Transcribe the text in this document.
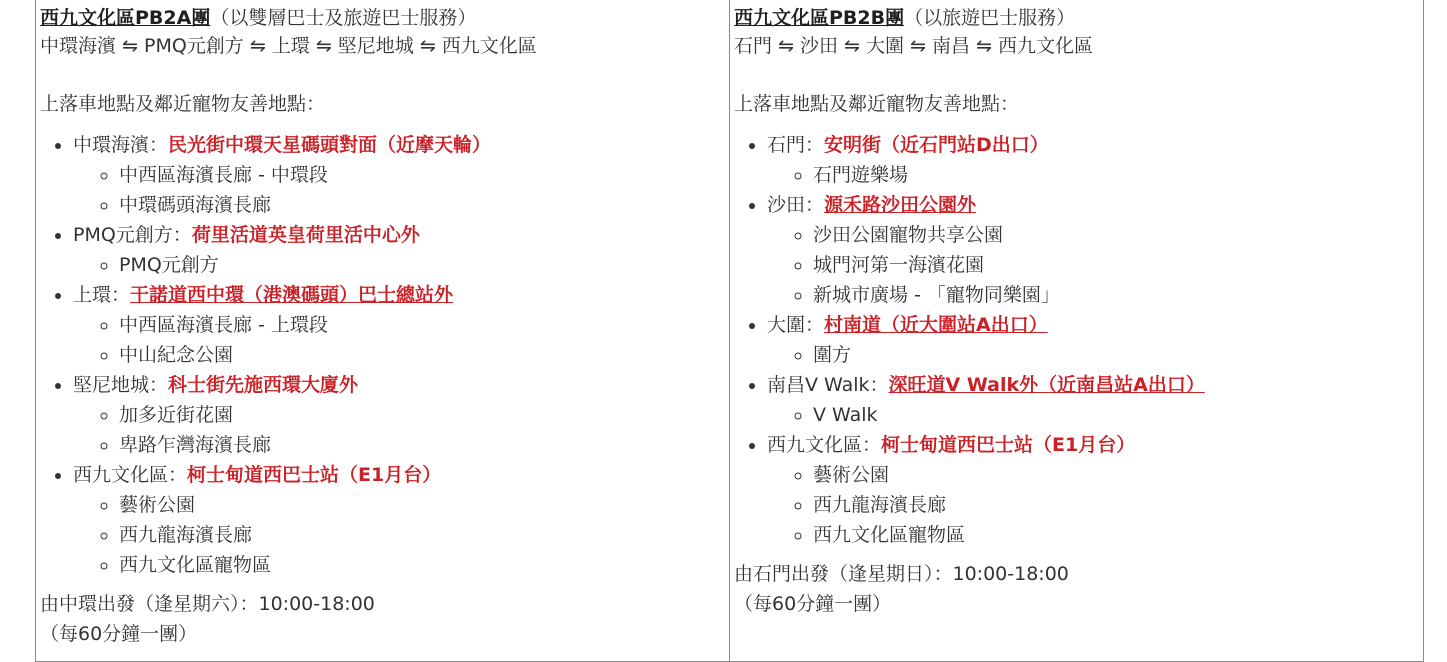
西九文化區PB2A團（以雙層巴士及旅遊巴士服務）
中環海濱 ⇋ PMQ元創方 ⇋ 上環 ⇋ 堅尼地城 ⇋ 西九文化區

上落車地點及鄰近寵物友善地點：

• 中環海濱：民光街中環天星碼頭對面（近摩天輪）
◦ 中西區海濱長廊 - 中環段
◦ 中環碼頭海濱長廊
• PMQ元創方：荷里活道英皇荷里活中心外
◦ PMQ元創方
• 上環：干諾道西中環（港澳碼頭）巴士總站外
◦ 中西區海濱長廊 - 上環段
◦ 中山紀念公園
• 堅尼地城：科士街先施西環大廈外
◦ 加多近街花園
◦ 卑路乍灣海濱長廊
• 西九文化區：柯士甸道西巴士站（E1月台）
◦ 藝術公園
◦ 西九龍海濱長廊
◦ 西九文化區寵物區

由中環出發（逢星期六）：10:00-18:00
（每60分鐘一團）

西九文化區PB2B團（以旅遊巴士服務）
石門 ⇋ 沙田 ⇋ 大圍 ⇋ 南昌 ⇋ 西九文化區

上落車地點及鄰近寵物友善地點：

• 石門：安明街（近石門站D出口）
◦ 石門遊樂場
• 沙田：源禾路沙田公園外
◦ 沙田公園寵物共享公園
◦ 城門河第一海濱花園
◦ 新城市廣場 - 「寵物同樂園」
• 大圍：村南道（近大圍站A出口）
◦ 圍方
• 南昌V Walk：深旺道V Walk外（近南昌站A出口）
◦ V Walk
• 西九文化區：柯士甸道西巴士站（E1月台）
◦ 藝術公園
◦ 西九龍海濱長廊
◦ 西九文化區寵物區

由石門出發（逢星期日）：10:00-18:00
（每60分鐘一團）
